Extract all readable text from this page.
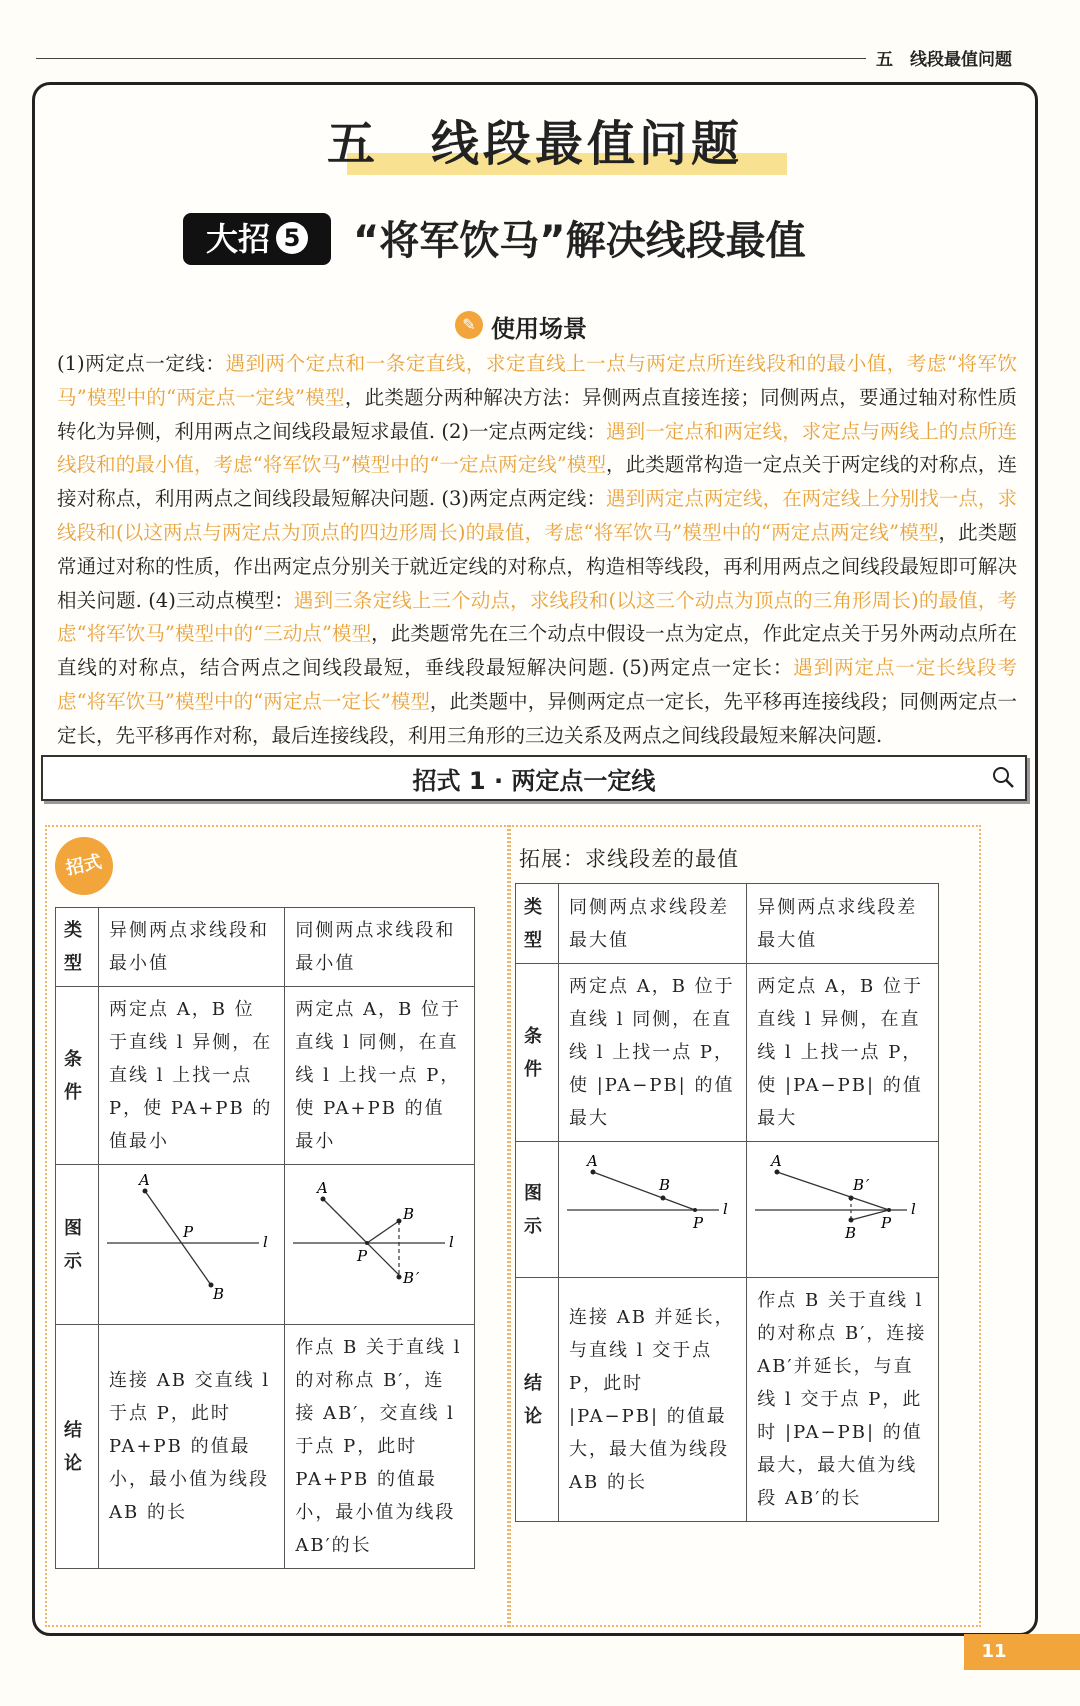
五　线段最值问题
五　线段最值问题
大招 5	“将军饮马”解决线段最值
✎ 使用场景
(1)两定点一定线：遇到两个定点和一条定直线，求定直线上一点与两定点所连线段和的最小值，考虑“将军饮马”模型中的“两定点一定线”模型，此类题分两种解决方法：异侧两点直接连接；同侧两点，要通过轴对称性质转化为异侧，利用两点之间线段最短求最值. (2)一定点两定线：遇到一定点和两定线，求定点与两线上的点所连线段和的最小值，考虑“将军饮马”模型中的“一定点两定线”模型，此类题常构造一定点关于两定线的对称点，连接对称点，利用两点之间线段最短解决问题. (3)两定点两定线：遇到两定点两定线，在两定线上分别找一点，求线段和(以这两点与两定点为顶点的四边形周长)的最值，考虑“将军饮马”模型中的“两定点两定线”模型，此类题常通过对称的性质，作出两定点分别关于就近定线的对称点，构造相等线段，再利用两点之间线段最短即可解决相关问题. (4)三动点模型：遇到三条定线上三个动点，求线段和(以这三个动点为顶点的三角形周长)的最值，考虑“将军饮马”模型中的“三动点”模型，此类题常先在三个动点中假设一点为定点，作此定点关于另外两动点所在直线的对称点，结合两点之间线段最短，垂线段最短解决问题. (5)两定点一定长：遇到两定点一定长线段考虑“将军饮马”模型中的“两定点一定长”模型，此类题中，异侧两定点一定长，先平移再连接线段；同侧两定点一定长，先平移再作对称，最后连接线段，利用三角形的三边关系及两点之间线段最短来解决问题.
招式 1 · 两定点一定线
招式
类型	异侧两点求线段和最小值	同侧两点求线段和最小值
条件	两定点 A，B 位于直线 l 异侧，在直线 l 上找一点 P，使 PA+PB 的值最小	两定点 A，B 位于直线 l 同侧，在直线 l 上找一点 P，使 PA+PB 的值最小
图示	A
B
P
l	A
B
B′
P
l

结论	连接 AB 交直线 l 于点 P，此时 PA+PB 的值最小，最小值为线段 AB 的长	作点 B 关于直线 l 的对称点 B′，连接 AB′，交直线 l 于点 P，此时 PA+PB 的值最小，最小值为线段 AB′的长
拓展：求线段差的最值
类型	同侧两点求线段差最大值	异侧两点求线段差最大值
条件	两定点 A，B 位于直线 l 同侧，在直线 l 上找一点 P，使 |PA−PB| 的值最大	两定点 A，B 位于直线 l 异侧，在直线 l 上找一点 P，使 |PA−PB| 的值最大
图示	A
B
P
l	A
B′
B
P
l

结论	连接 AB 并延长，与直线 l 交于点 P，此时 |PA−PB| 的值最大，最大值为线段 AB 的长	作点 B 关于直线 l 的对称点 B′，连接 AB′并延长，与直线 l 交于点 P，此时 |PA−PB| 的值最大，最大值为线段 AB′的长
11
